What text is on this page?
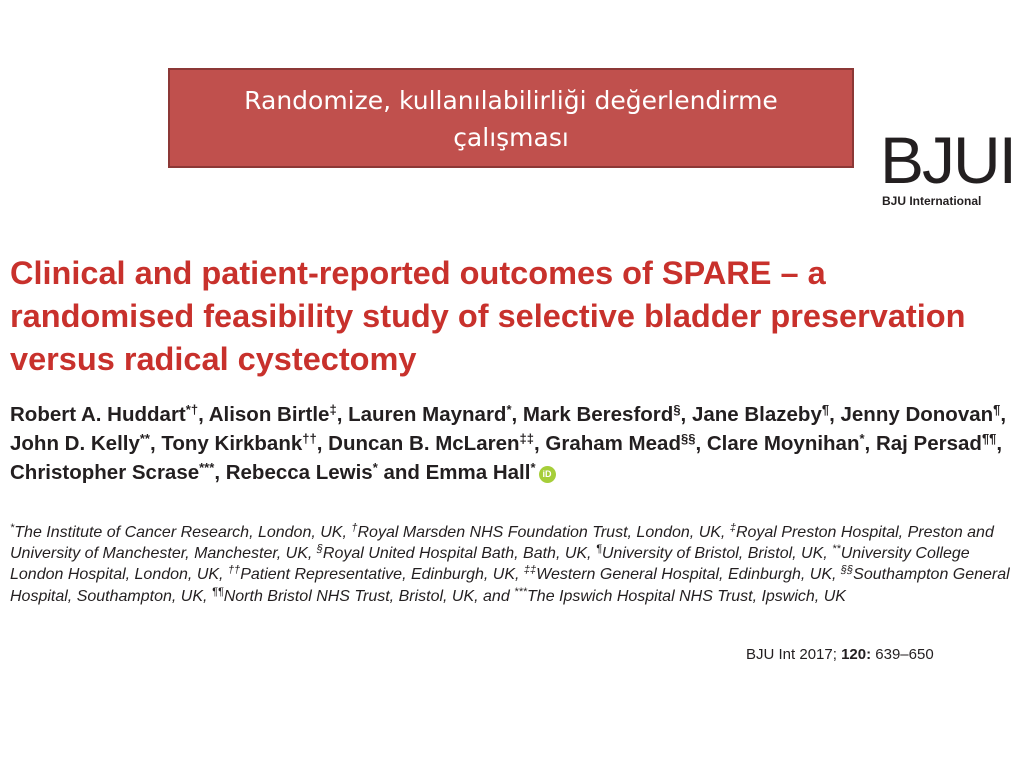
Randomize, kullanılabilirliği değerlendirme
çalışması	BJUI
BJU International
Clinical and patient-reported outcomes of SPARE – a randomised feasibility study of selective bladder preservation versus radical cystectomy

Robert A. Huddart*†, Alison Birtle‡, Lauren Maynard*, Mark Beresford§, Jane Blazeby¶, Jenny Donovan¶, John D. Kelly**, Tony Kirkbank††, Duncan B. McLaren‡‡, Graham Mead§§, Clare Moynihan*, Raj Persad¶¶, Christopher Scrase***, Rebecca Lewis* and Emma Hall* iD

*The Institute of Cancer Research, London, UK, †Royal Marsden NHS Foundation Trust, London, UK, ‡Royal Preston Hospital, Preston and University of Manchester, Manchester, UK, §Royal United Hospital Bath, Bath, UK, ¶University of Bristol, Bristol, UK, **University College London Hospital, London, UK, ††Patient Representative, Edinburgh, UK, ‡‡Western General Hospital, Edinburgh, UK, §§Southampton General Hospital, Southampton, UK, ¶¶North Bristol NHS Trust, Bristol, UK, and ***The Ipswich Hospital NHS Trust, Ipswich, UK

BJU Int 2017; 120: 639–650
